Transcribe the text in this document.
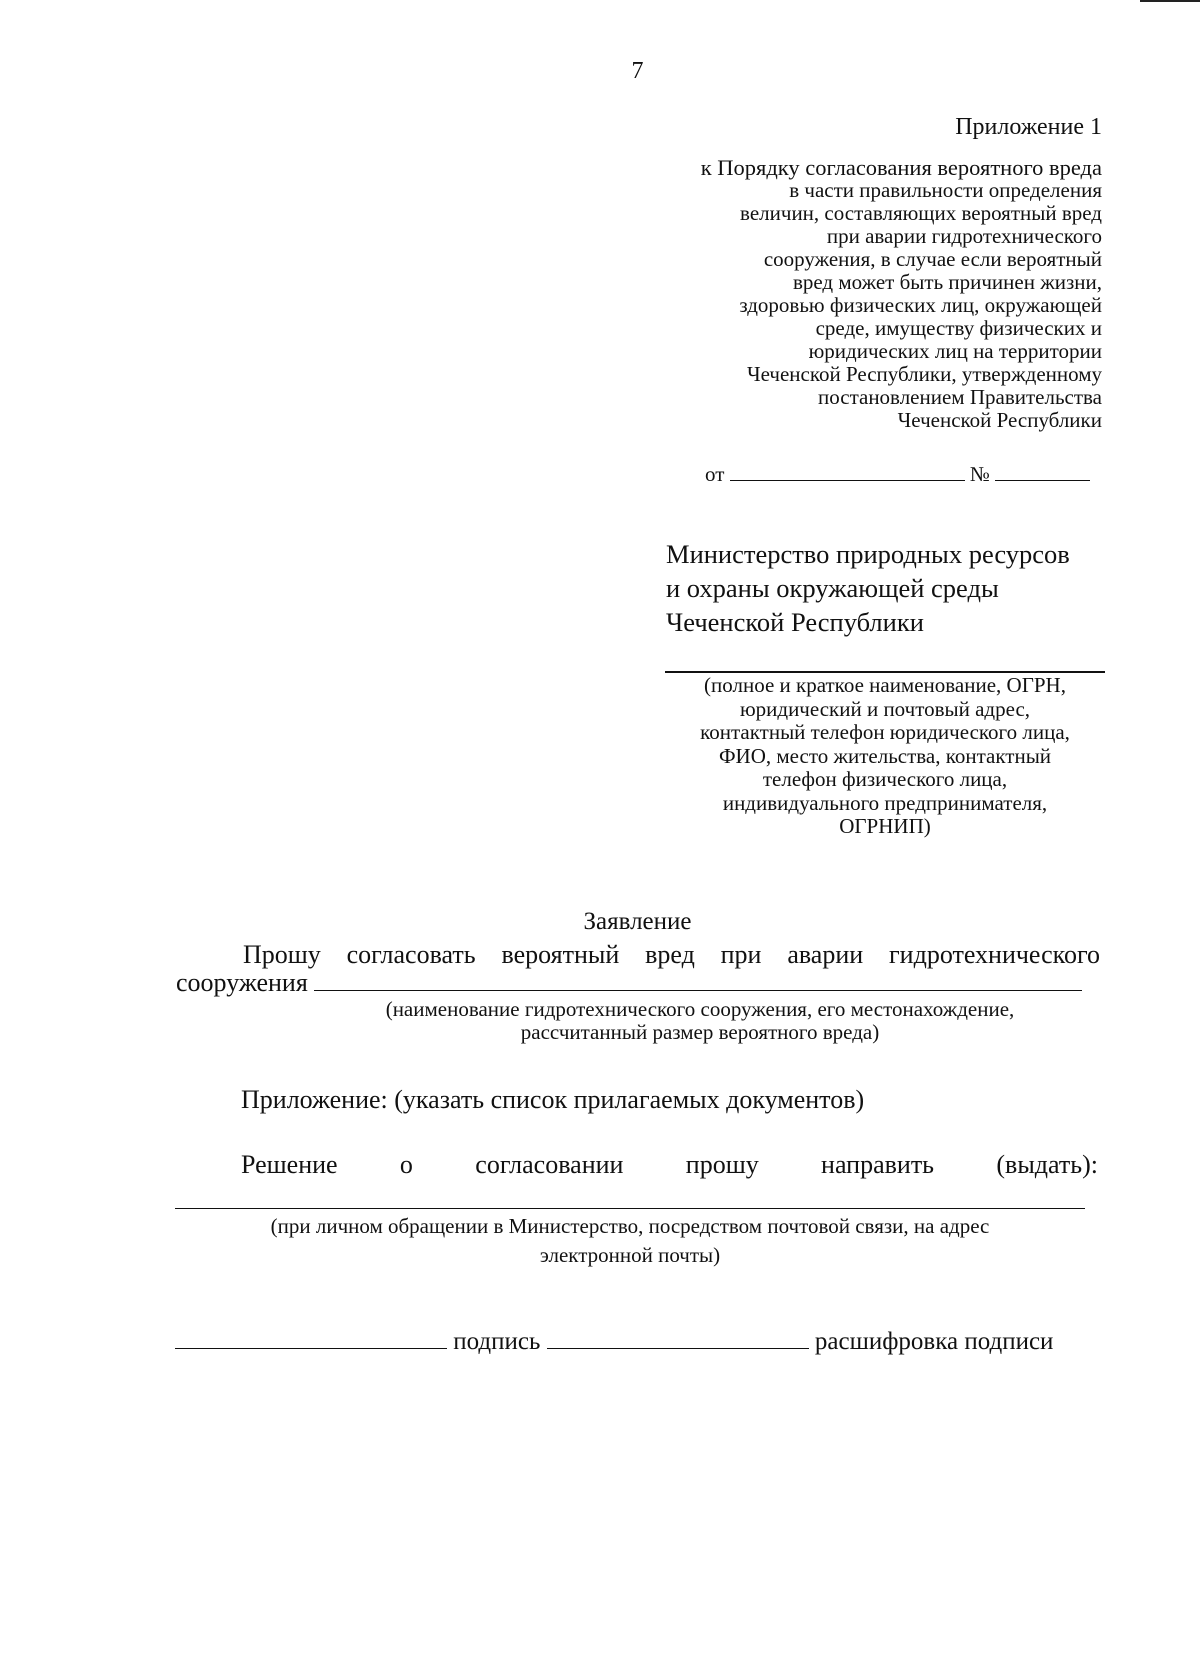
7
Приложение 1
к Порядку согласования вероятного вреда
в части правильности определения
величин, составляющих вероятный вред
при аварии гидротехнического
сооружения, в случае если вероятный
вред может быть причинен жизни,
здоровью физических лиц, окружающей
среде, имуществу физических и
юридических лиц на территории
Чеченской Республики, утвержденному
постановлением Правительства
Чеченской Республики
от	№
Министерство природных ресурсов
и охраны окружающей среды
Чеченской Республики
(полное и краткое наименование, ОГРН,
юридический и почтовый адрес,
контактный телефон юридического лица,
ФИО, место жительства, контактный
телефон физического лица,
индивидуального предпринимателя,
ОГРНИП)
Заявление
Прошу согласовать вероятный вред при аварии гидротехнического
сооружения
(наименование гидротехнического сооружения, его местонахождение,
рассчитанный размер вероятного вреда)
Приложение: (указать список прилагаемых документов)
Решение о согласовании прошу направить (выдать):
(при личном обращении в Министерство, посредством почтовой связи, на адрес
электронной почты)
подпись	расшифровка подписи
